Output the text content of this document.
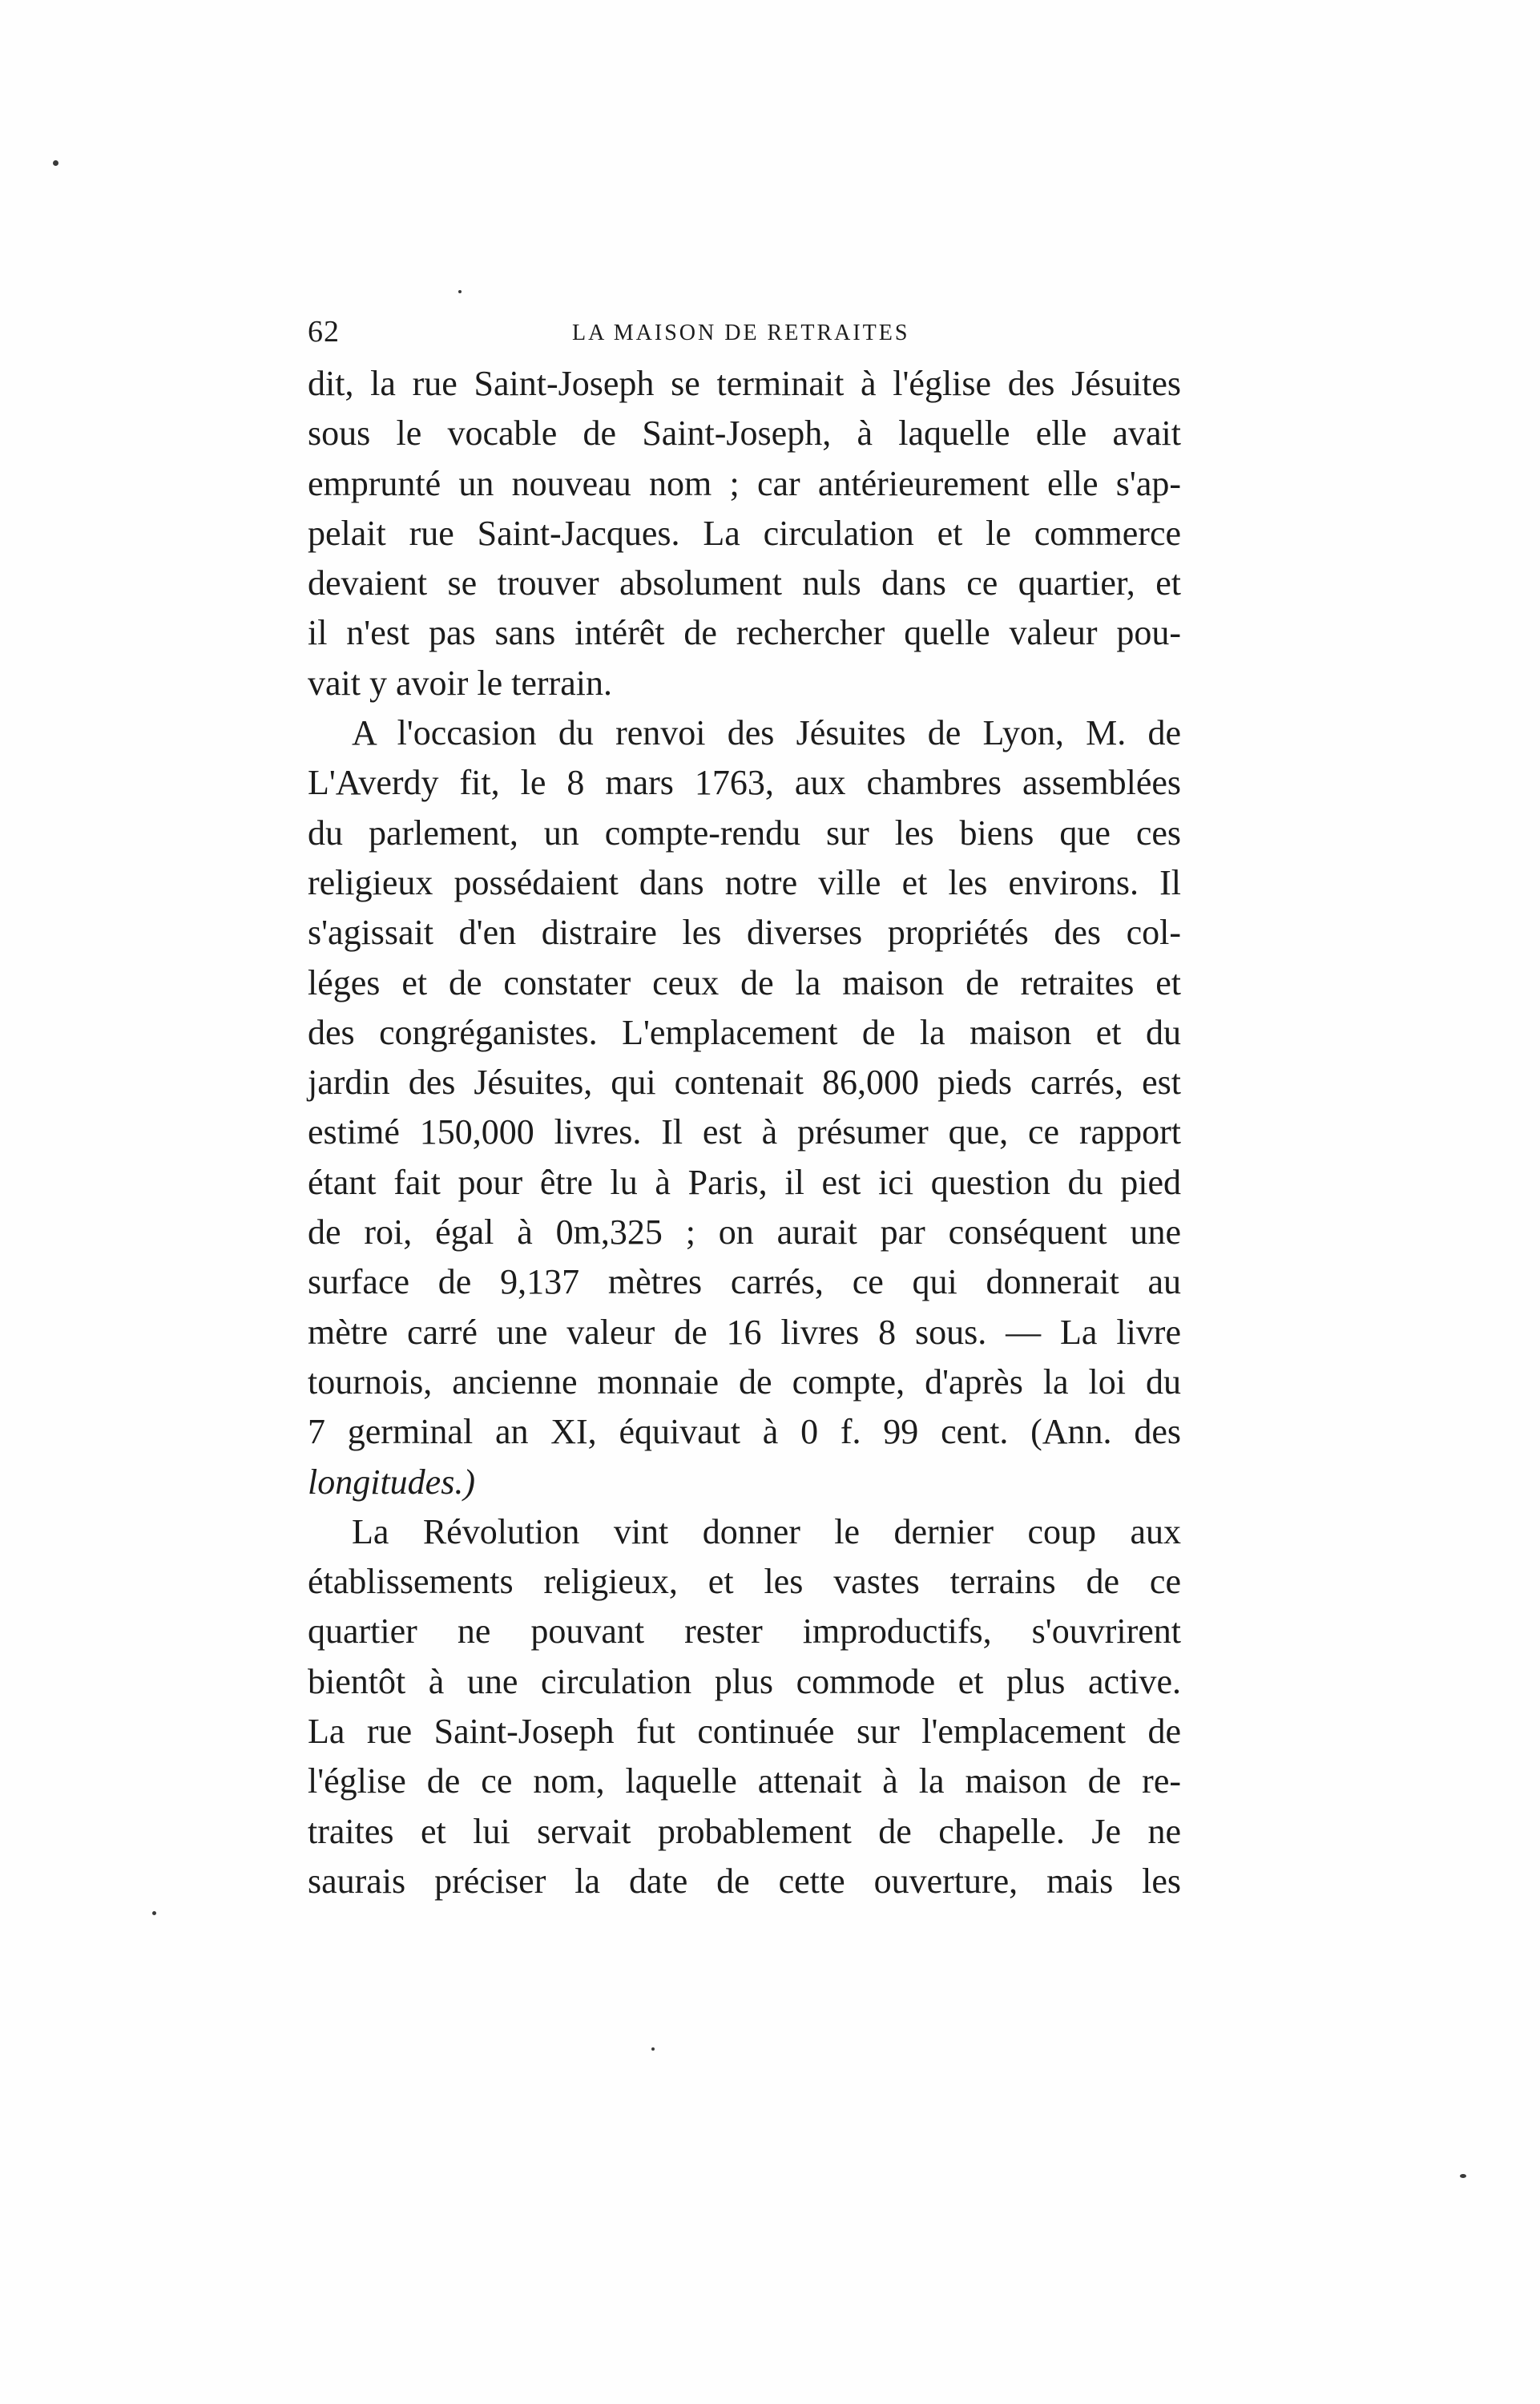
62	LA MAISON DE RETRAITES
dit, la rue Saint-Joseph se terminait à l'église des Jésuites
sous le vocable de Saint-Joseph, à laquelle elle avait
emprunté un nouveau nom ; car antérieurement elle s'ap-
pelait rue Saint-Jacques. La circulation et le commerce
devaient se trouver absolument nuls dans ce quartier, et
il n'est pas sans intérêt de rechercher quelle valeur pou-
vait y avoir le terrain.
A l'occasion du renvoi des Jésuites de Lyon, M. de
L'Averdy fit, le 8 mars 1763, aux chambres assemblées
du parlement, un compte-rendu sur les biens que ces
religieux possédaient dans notre ville et les environs. Il
s'agissait d'en distraire les diverses propriétés des col-
léges et de constater ceux de la maison de retraites et
des congréganistes. L'emplacement de la maison et du
jardin des Jésuites, qui contenait 86,000 pieds carrés, est
estimé 150,000 livres. Il est à présumer que, ce rapport
étant fait pour être lu à Paris, il est ici question du pied
de roi, égal à 0m,325 ; on aurait par conséquent une
surface de 9,137 mètres carrés, ce qui donnerait au
mètre carré une valeur de 16 livres 8 sous. — La livre
tournois, ancienne monnaie de compte, d'après la loi du
7 germinal an XI, équivaut à 0 f. 99 cent. (Ann. des
longitudes.)
La Révolution vint donner le dernier coup aux
établissements religieux, et les vastes terrains de ce
quartier ne pouvant rester improductifs, s'ouvrirent
bientôt à une circulation plus commode et plus active.
La rue Saint-Joseph fut continuée sur l'emplacement de
l'église de ce nom, laquelle attenait à la maison de re-
traites et lui servait probablement de chapelle. Je ne
saurais préciser la date de cette ouverture, mais les
